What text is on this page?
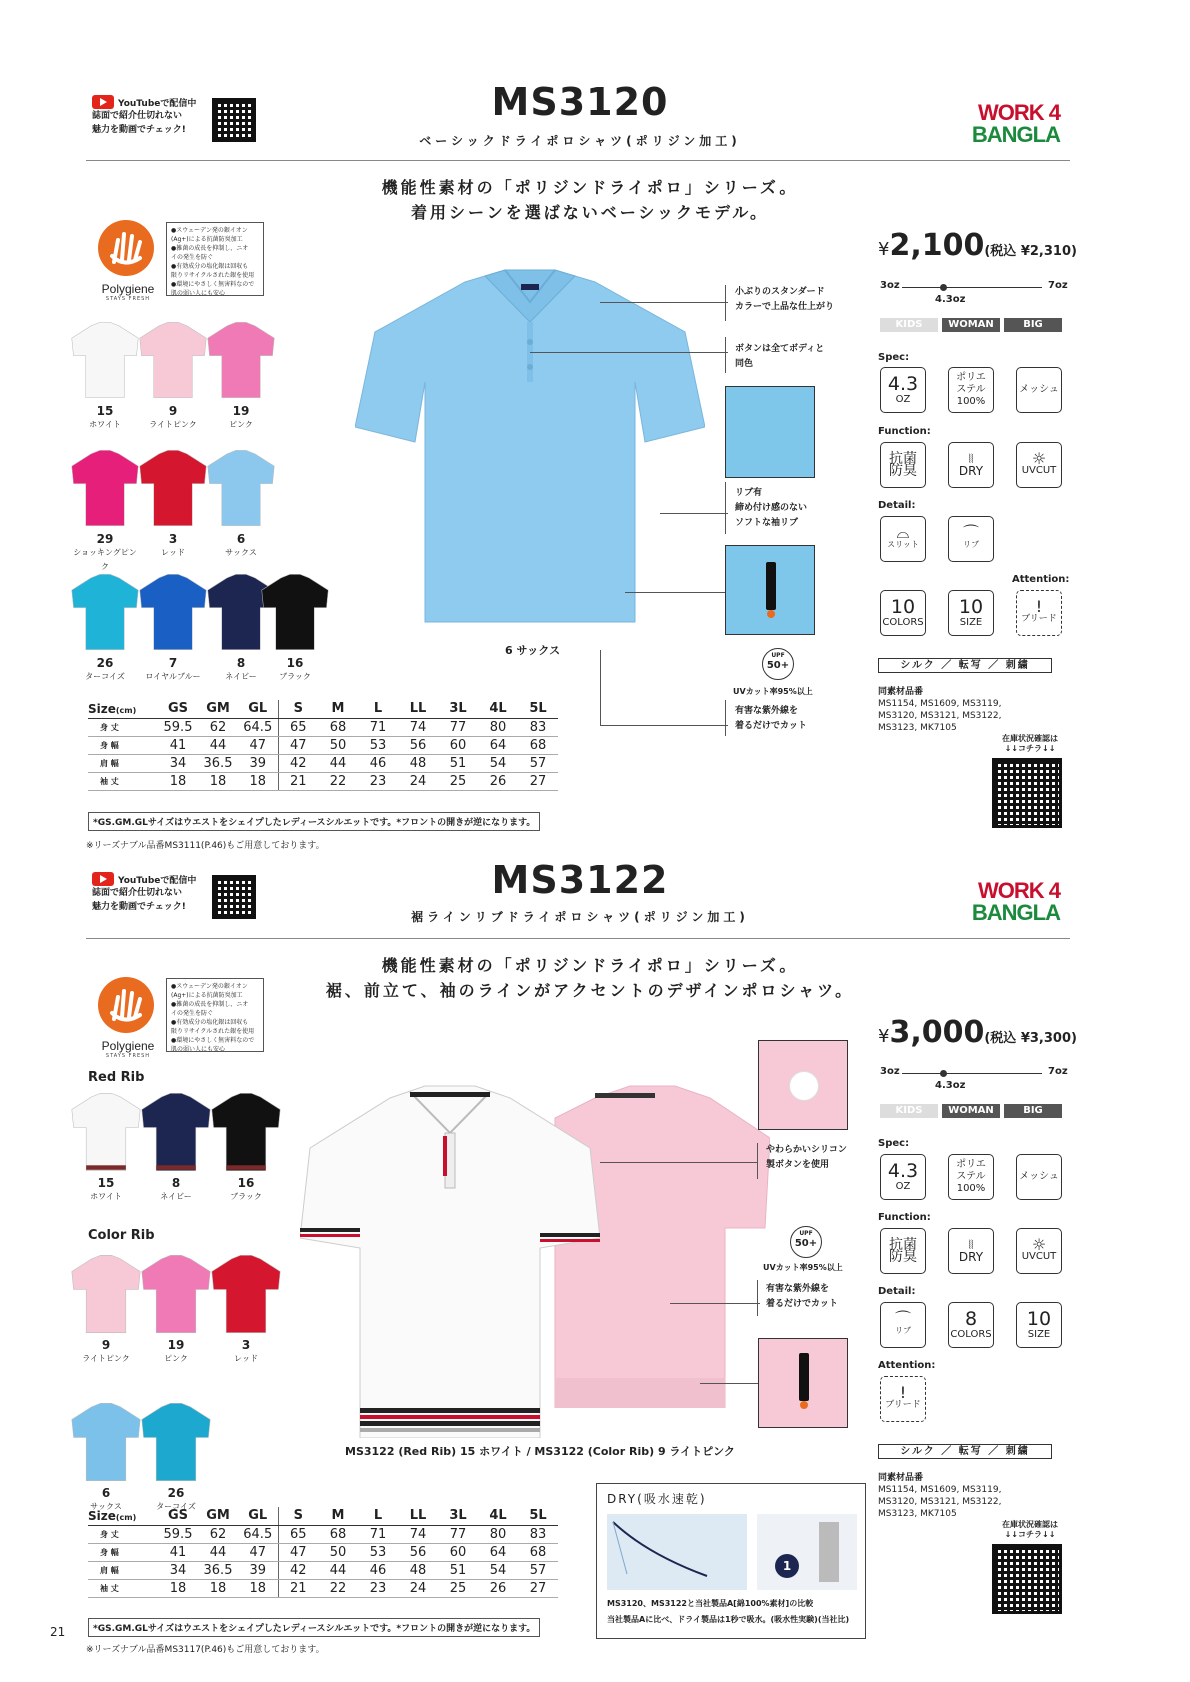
YouTubeで配信中
誌面で紹介仕切れない
魅力を動画でチェック!
MS3120
ベーシックドライポロシャツ(ポリジン加工)
WORK 4
BANGLA
機能性素材の「ポリジンドライポロ」シリーズ。
着用シーンを選ばないベーシックモデル。
Polygiene
STAYS FRESH
●スウェーデン発の銀イオン
(Ag+)による抗菌防臭加工
●雑菌の成長を抑制し、ニオ
イの発生を防ぐ
●有効成分の塩化銀は回収も
限りリサイクルされた銀を使用
●環境にやさしく無害料なので
肌の弱い人にも安心
15
ホワイト
9
ライトピンク
19
ピンク
29
ショッキングピンク
3
レッド
6
サックス
26
ターコイズ
7
ロイヤルブルー
8
ネイビー
16
ブラック
6 サックス
小ぶりのスタンダード
カラーで上品な仕上がり
ボタンは全てボディと
同色
リブ有
締め付け感のない
ソフトな袖リブ
UPF
50+
UVカット率95%以上
有害な紫外線を
着るだけでカット
¥2,100(税込 ¥2,310)
3oz	7oz
4.3oz
KIDS	WOMAN	BIG
Spec:
4.3
OZ
ポリエ
ステル
100%
メッシュ
Function:
抗菌
防臭
⦚⦚
DRY
☼
UVCUT
Detail:
⌓
スリット
⌒
リブ
Attention:
10
COLORS
10
SIZE
!
ブリード
シルク ／ 転写 ／ 刺繍
同素材品番
MS1154, MS1609, MS3119,
MS3120, MS3121, MS3122,
MS3123, MK7105
在庫状況確認は
↓↓コチラ↓↓
Size(cm)	GS	GM	GL	S	M	L	LL	3L	4L	5L
身 丈	59.5	62	64.5	65	68	71	74	77	80	83
身 幅	41	44	47	47	50	53	56	60	64	68
肩 幅	34	36.5	39	42	44	46	48	51	54	57
袖 丈	18	18	18	21	22	23	24	25	26	27
*GS.GM.GLサイズはウエストをシェイプしたレディースシルエットです。*フロントの開きが逆になります。
※リーズナブル品番MS3111(P.46)もご用意しております。
YouTubeで配信中
誌面で紹介仕切れない
魅力を動画でチェック!
MS3122
裾ラインリブドライポロシャツ(ポリジン加工)
WORK 4
BANGLA
機能性素材の「ポリジンドライポロ」シリーズ。
裾、前立て、袖のラインがアクセントのデザインポロシャツ。
Polygiene
STAYS FRESH
●スウェーデン発の銀イオン
(Ag+)による抗菌防臭加工
●雑菌の成長を抑制し、ニオ
イの発生を防ぐ
●有効成分の塩化銀は回収も
限りリサイクルされた銀を使用
●環境にやさしく無害料なので
肌の弱い人にも安心
Red Rib
Color Rib
15
ホワイト
8
ネイビー
16
ブラック
9
ライトピンク
19
ピンク
3
レッド
6
サックス
26
ターコイズ
MS3122 (Red Rib) 15 ホワイト / MS3122 (Color Rib) 9 ライトピンク
やわらかいシリコン
製ボタンを使用
UPF
50+
UVカット率95%以上
有害な紫外線を
着るだけでカット
¥3,000(税込 ¥3,300)
3oz	7oz
4.3oz
KIDS	WOMAN	BIG
Spec:
4.3
OZ
ポリエ
ステル
100%
メッシュ
Function:
抗菌
防臭
⦚⦚
DRY
☼
UVCUT
Detail:
⌒
リブ
8
COLORS
10
SIZE
Attention:
!
ブリード
シルク ／ 転写 ／ 刺繍
同素材品番
MS1154, MS1609, MS3119,
MS3120, MS3121, MS3122,
MS3123, MK7105
在庫状況確認は
↓↓コチラ↓↓
DRY(吸水速乾)
1
MS3120、MS3122と当社製品A[綿100%素材]の比較
当社製品Aに比べ、ドライ製品は1秒で吸水。(吸水性実験)(当社比)
Size(cm)	GS	GM	GL	S	M	L	LL	3L	4L	5L
身 丈	59.5	62	64.5	65	68	71	74	77	80	83
身 幅	41	44	47	47	50	53	56	60	64	68
肩 幅	34	36.5	39	42	44	46	48	51	54	57
袖 丈	18	18	18	21	22	23	24	25	26	27
*GS.GM.GLサイズはウエストをシェイプしたレディースシルエットです。*フロントの開きが逆になります。
※リーズナブル品番MS3117(P.46)もご用意しております。
21
